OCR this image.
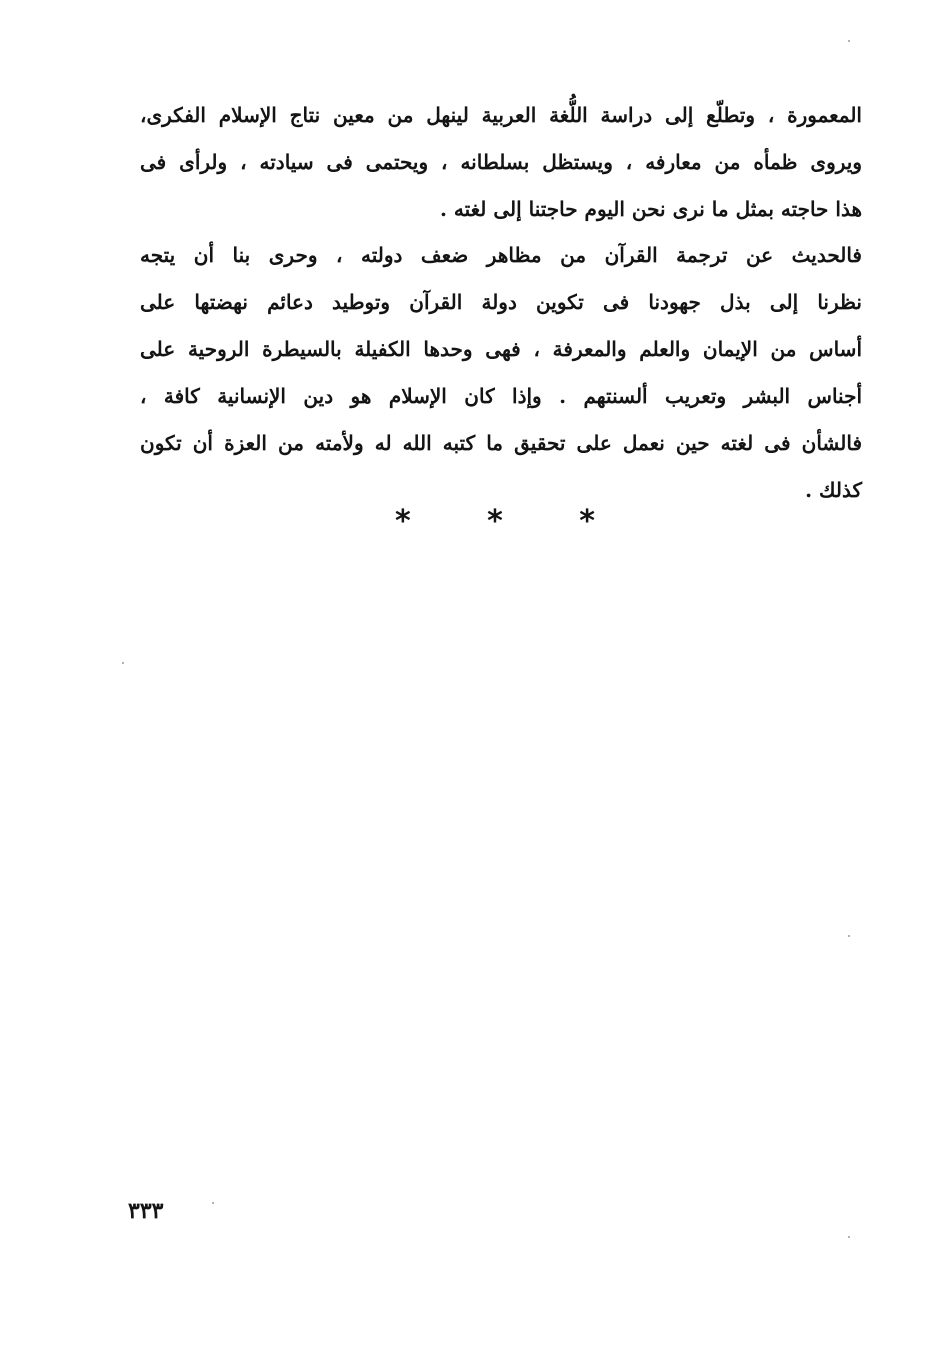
المعمورة ، وتطلّع إلى دراسة اللُّغة العربية لينهل من معين نتاج الإسلام الفكرى،
ويروى ظمأه من معارفه ، ويستظل بسلطانه ، ويحتمى فى سيادته ، ولرأى فى
هذا حاجته بمثل ما نرى نحن اليوم حاجتنا إلى لغته .
فالحديث عن ترجمة القرآن من مظاهر ضعف دولته ، وحرى بنا أن يتجه
نظرنا إلى بذل جهودنا فى تكوين دولة القرآن وتوطيد دعائم نهضتها على
أساس من الإيمان والعلم والمعرفة ، فهى وحدها الكفيلة بالسيطرة الروحية على
أجناس البشر وتعريب ألسنتهم . وإذا كان الإسلام هو دين الإنسانية كافة ،
فالشأن فى لغته حين نعمل على تحقيق ما كتبه الله له ولأمته من العزة أن تكون
كذلك .
*	*	*
٣٣٣
